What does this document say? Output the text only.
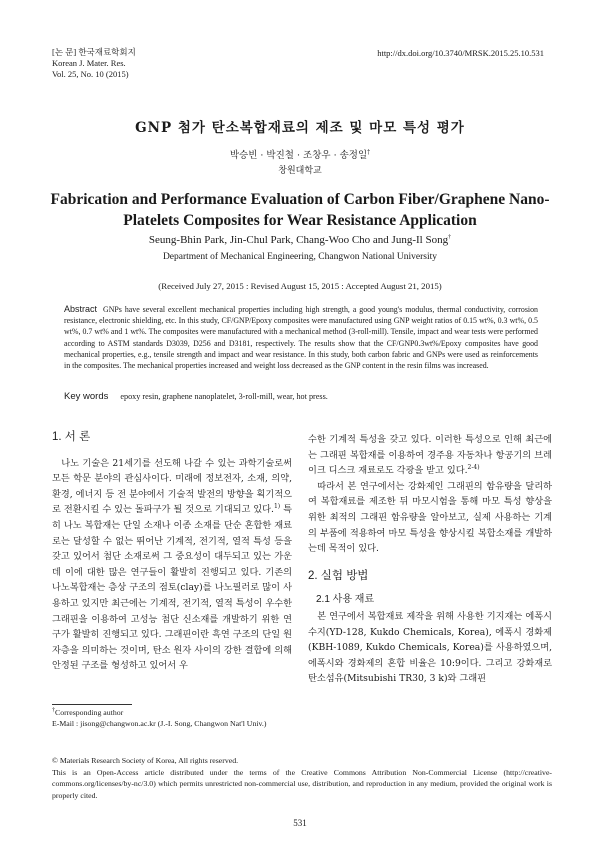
[논 문] 한국재료학회지
Korean J. Mater. Res.
Vol. 25, No. 10 (2015)
http://dx.doi.org/10.3740/MRSK.2015.25.10.531
GNP 첨가 탄소복합재료의 제조 및 마모 특성 평가
박승빈 · 박진철 · 조창우 · 송정일†
창원대학교
Fabrication and Performance Evaluation of Carbon Fiber/Graphene Nano-Platelets Composites for Wear Resistance Application
Seung-Bhin Park, Jin-Chul Park, Chang-Woo Cho and Jung-Il Song†
Department of Mechanical Engineering, Changwon National University
(Received July 27, 2015 : Revised August 15, 2015 : Accepted August 21, 2015)
Abstract GNPs have several excellent mechanical properties including high strength, a good young's modulus, thermal conductivity, corrosion resistance, electronic shielding, etc. In this study, CF/GNP/Epoxy composites were manufactured using GNP weight ratios of 0.15 wt%, 0.3 wt%, 0.5 wt%, 0.7 wt% and 1 wt%. The composites were manufactured with a mechanical method (3-roll-mill). Tensile, impact and wear tests were performed according to ASTM standards D3039, D256 and D3181, respectively. The results show that the CF/GNP0.3wt%/Epoxy composites have good mechanical properties, e.g., tensile strength and impact and wear resistance. In this study, both carbon fabric and GNPs were used as reinforcements in the composites. The mechanical properties increased and weight loss decreased as the GNP content in the resin films was increased.
Key words epoxy resin, graphene nanoplatelet, 3-roll-mill, wear, hot press.
1. 서 론

나노 기술은 21세기를 선도해 나갈 수 있는 과학기술로써 모든 학문 분야의 관심사이다. 미래에 정보전자, 소재, 의약, 환경, 에너지 등 전 분야에서 기술적 발전의 방향을 획기적으로 전환시킬 수 있는 돌파구가 될 것으로 기대되고 있다.$^{1)}$ 특히 나노 복합재는 단일 소재나 이종 소재를 단순 혼합한 재료로는 달성할 수 없는 뛰어난 기계적, 전기적, 열적 특성 등을 갖고 있어서 첨단 소재로써 그 중요성이 대두되고 있는 가운데 이에 대한 많은 연구들이 활발히 진행되고 있다. 기존의 나노복합재는 층상 구조의 점토(clay)를 나노필러로 많이 사용하고 있지만 최근에는 기계적, 전기적, 열적 특성이 우수한 그래핀을 이용하여 고성능 첨단 신소재를 개발하기 위한 연구가 활발히 진행되고 있다. 그래핀이란 흑연 구조의 단일 원자층을 의미하는 것이며, 탄소 원자 사이의 강한 결합에 의해 안정된 구조를 형성하고 있어서 우

수한 기계적 특성을 갖고 있다. 이러한 특성으로 인해 최근에는 그래핀 복합재를 이용하여 경주용 자동차나 항공기의 브레이크 디스크 재료로도 각광을 받고 있다.$^{2-4)}$

따라서 본 연구에서는 강화제인 그래핀의 함유량을 달리하여 복합재료를 제조한 뒤 마모시험을 통해 마모 특성 향상을 위한 최적의 그래핀 함유량을 알아보고, 실제 사용하는 기계의 부품에 적용하여 마모 특성을 향상시킬 복합소재를 개발하는데 목적이 있다.

2. 실험 방법
2.1 사용 재료

본 연구에서 복합재료 제작을 위해 사용한 기지재는 에폭시 수지(YD-128, Kukdo Chemicals, Korea), 에폭시 경화제(KBH-1089, Kukdo Chemicals, Korea)를 사용하였으며, 에폭시와 경화제의 혼합 비율은 10:9이다. 그리고 강화재로 탄소섬유(Mitsubishi TR30, 3 k)와 그래핀

†Corresponding author
E-Mail : jisong@changwon.ac.kr (J.-I. Song, Changwon Nat'l Univ.)
© Materials Research Society of Korea, All rights reserved.
This is an Open-Access article distributed under the terms of the Creative Commons Attribution Non-Commercial License (http://creative-commons.org/licenses/by-nc/3.0) which permits unrestricted non-commercial use, distribution, and reproduction in any medium, provided the original work is properly cited.
531
